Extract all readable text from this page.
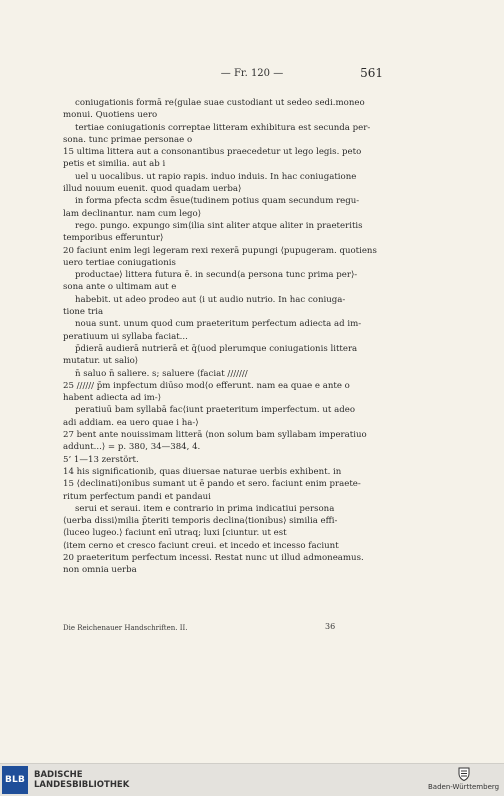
— Fr. 120 —	561
coniugationis formā re⟨gulae suae custodiant ut sedeo sedi.moneo
monui. Quotiens uero
tertiae coniugationis correptae litteram exhibitura est secunda per-
sona. tunc primae personae o
15 ultima littera aut a consonantibus praecedetur ut lego legis. peto
petis et similia. aut ab i
uel u uocalibus. ut rapio rapis. induo induis. In hac coniugatione
illud nouum euenit. quod quadam uerba⟩
in forma pfecta scdm ēsue⟨tudinem potius quam secundum regu-
lam declinantur. nam cum lego⟩
rego. pungo. expungo sim⟨ilia sint aliter atque aliter in praeteritis
temporibus efferuntur⟩
20 faciunt enim legi legeram rexi rexerā pupungi ⟨pupugeram. quotiens
uero tertiae coniugationis
productae⟩ littera futura ē. in secund⟨a persona tunc prima per⟩-
sona ante o ultimam aut e
habebit. ut adeo prodeo aut ⟨i ut audio nutrio. In hac coniuga-
tione tria
noua sunt. unum quod cum praeteritum perfectum adiecta ad im-
peratiuum ui syllaba faciat...
p̄dierā audierā nutrierā et q̄⟨uod plerumque coniugationis littera
mutatur. ut salio⟩
n̄ saluo n̄ saliere. s; saluere ⟨faciat ///////
25 ////// p̄m inpfectum diūso mod⟨o efferunt. nam ea quae e ante o
habent adiecta ad im-⟩
peratiuū bam syllabā fac⟨iunt praeteritum imperfectum. ut adeo
adi addiam. ea uero quae i ha-⟩
27 bent ante nouissimam litterā ⟨non solum bam syllabam imperatiuo
addunt...⟩ = p. 380, 34—384, 4.
5’ 1—13 zerstört.
14 his significationib, quas diuersae naturae uerbis exhibent. in
15 ⟨declinati⟩onibus sumant ut ē pando et sero. faciunt enim praete-
ritum perfectum pandi et pandaui
serui et seraui. item e contrario in prima indicatiui persona
⟨uerba dissi⟩milia p̄teriti temporis declina⟨tionibus⟩ similia effi-
⟨luceo lugeo.⟩ faciunt enī utraq; luxi [ciuntur. ut est
⟨item cerno et cresco faciunt creui. et incedo et incesso faciunt
20 praeteritum perfectum incessi. Restat nunc ut illud admoneamus.
non omnia uerba
Die Reichenauer Handschriften. II.	36
BLB	BADISCHE
LANDESBIBLIOTHEK	Baden-Württemberg
